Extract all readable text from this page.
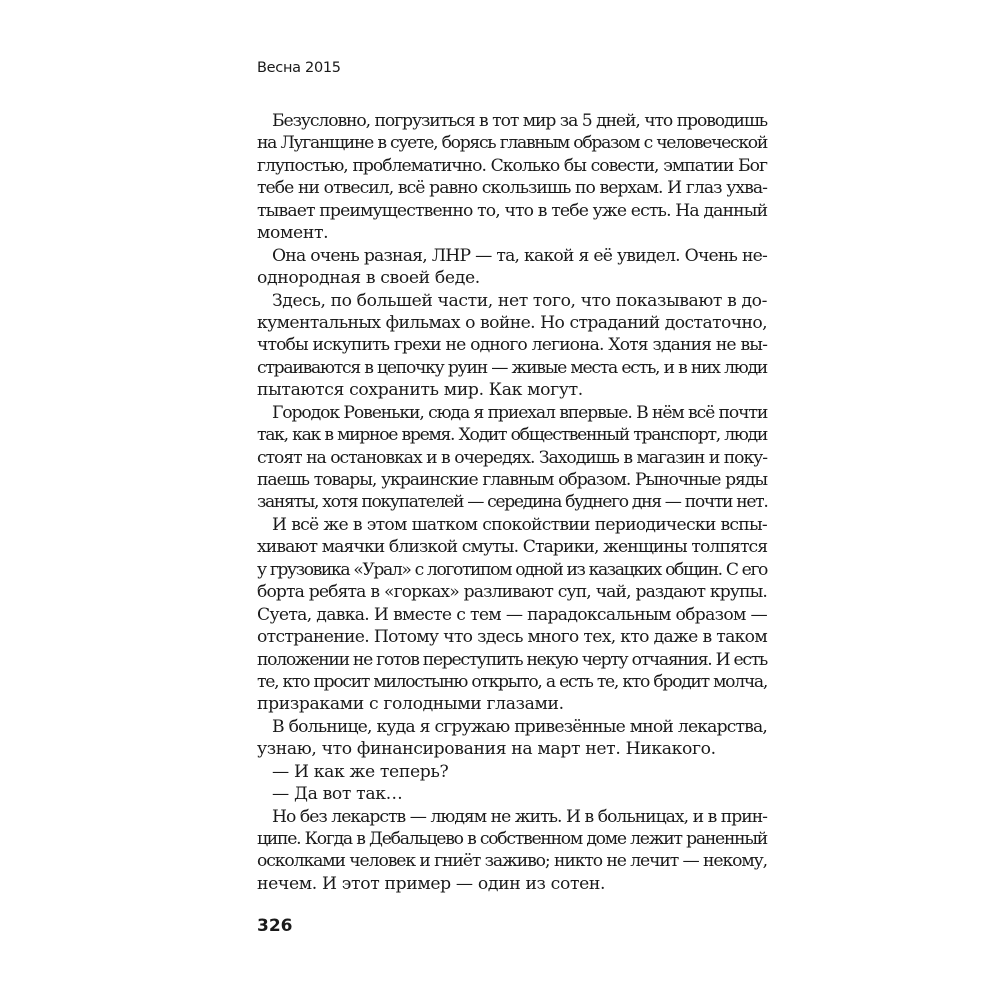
Весна 2015
Безусловно, погрузиться в тот мир за 5 дней, что проводишь
на Луганщине в суете, борясь главным образом с человеческой
глупостью, проблематично. Сколько бы совести, эмпатии Бог
тебе ни отвесил, всё равно скользишь по верхам. И глаз ухва-
тывает преимущественно то, что в тебе уже есть. На данный
момент.
Она очень разная, ЛНР — та, какой я её увидел. Очень не-
однородная в своей беде.
Здесь, по большей части, нет того, что показывают в до-
кументальных фильмах о войне. Но страданий достаточно,
чтобы искупить грехи не одного легиона. Хотя здания не вы-
страиваются в цепочку руин — живые места есть, и в них люди
пытаются сохранить мир. Как могут.
Городок Ровеньки, сюда я приехал впервые. В нём всё почти
так, как в мирное время. Ходит общественный транспорт, люди
стоят на остановках и в очередях. Заходишь в магазин и поку-
паешь товары, украинские главным образом. Рыночные ряды
заняты, хотя покупателей — середина буднего дня — почти нет.
И всё же в этом шатком спокойствии периодически вспы-
хивают маячки близкой смуты. Старики, женщины толпятся
у грузовика «Урал» с логотипом одной из казацких общин. С его
борта ребята в «горках» разливают суп, чай, раздают крупы.
Суета, давка. И вместе с тем — парадоксальным образом —
отстранение. Потому что здесь много тех, кто даже в таком
положении не готов переступить некую черту отчаяния. И есть
те, кто просит милостыню открыто, а есть те, кто бродит молча,
призраками с голодными глазами.
В больнице, куда я сгружаю привезённые мной лекарства,
узнаю, что финансирования на март нет. Никакого.
— И как же теперь?
— Да вот так…
Но без лекарств — людям не жить. И в больницах, и в прин-
ципе. Когда в Дебальцево в собственном доме лежит раненный
осколками человек и гниёт заживо; никто не лечит — некому,
нечем. И этот пример — один из сотен.
326
